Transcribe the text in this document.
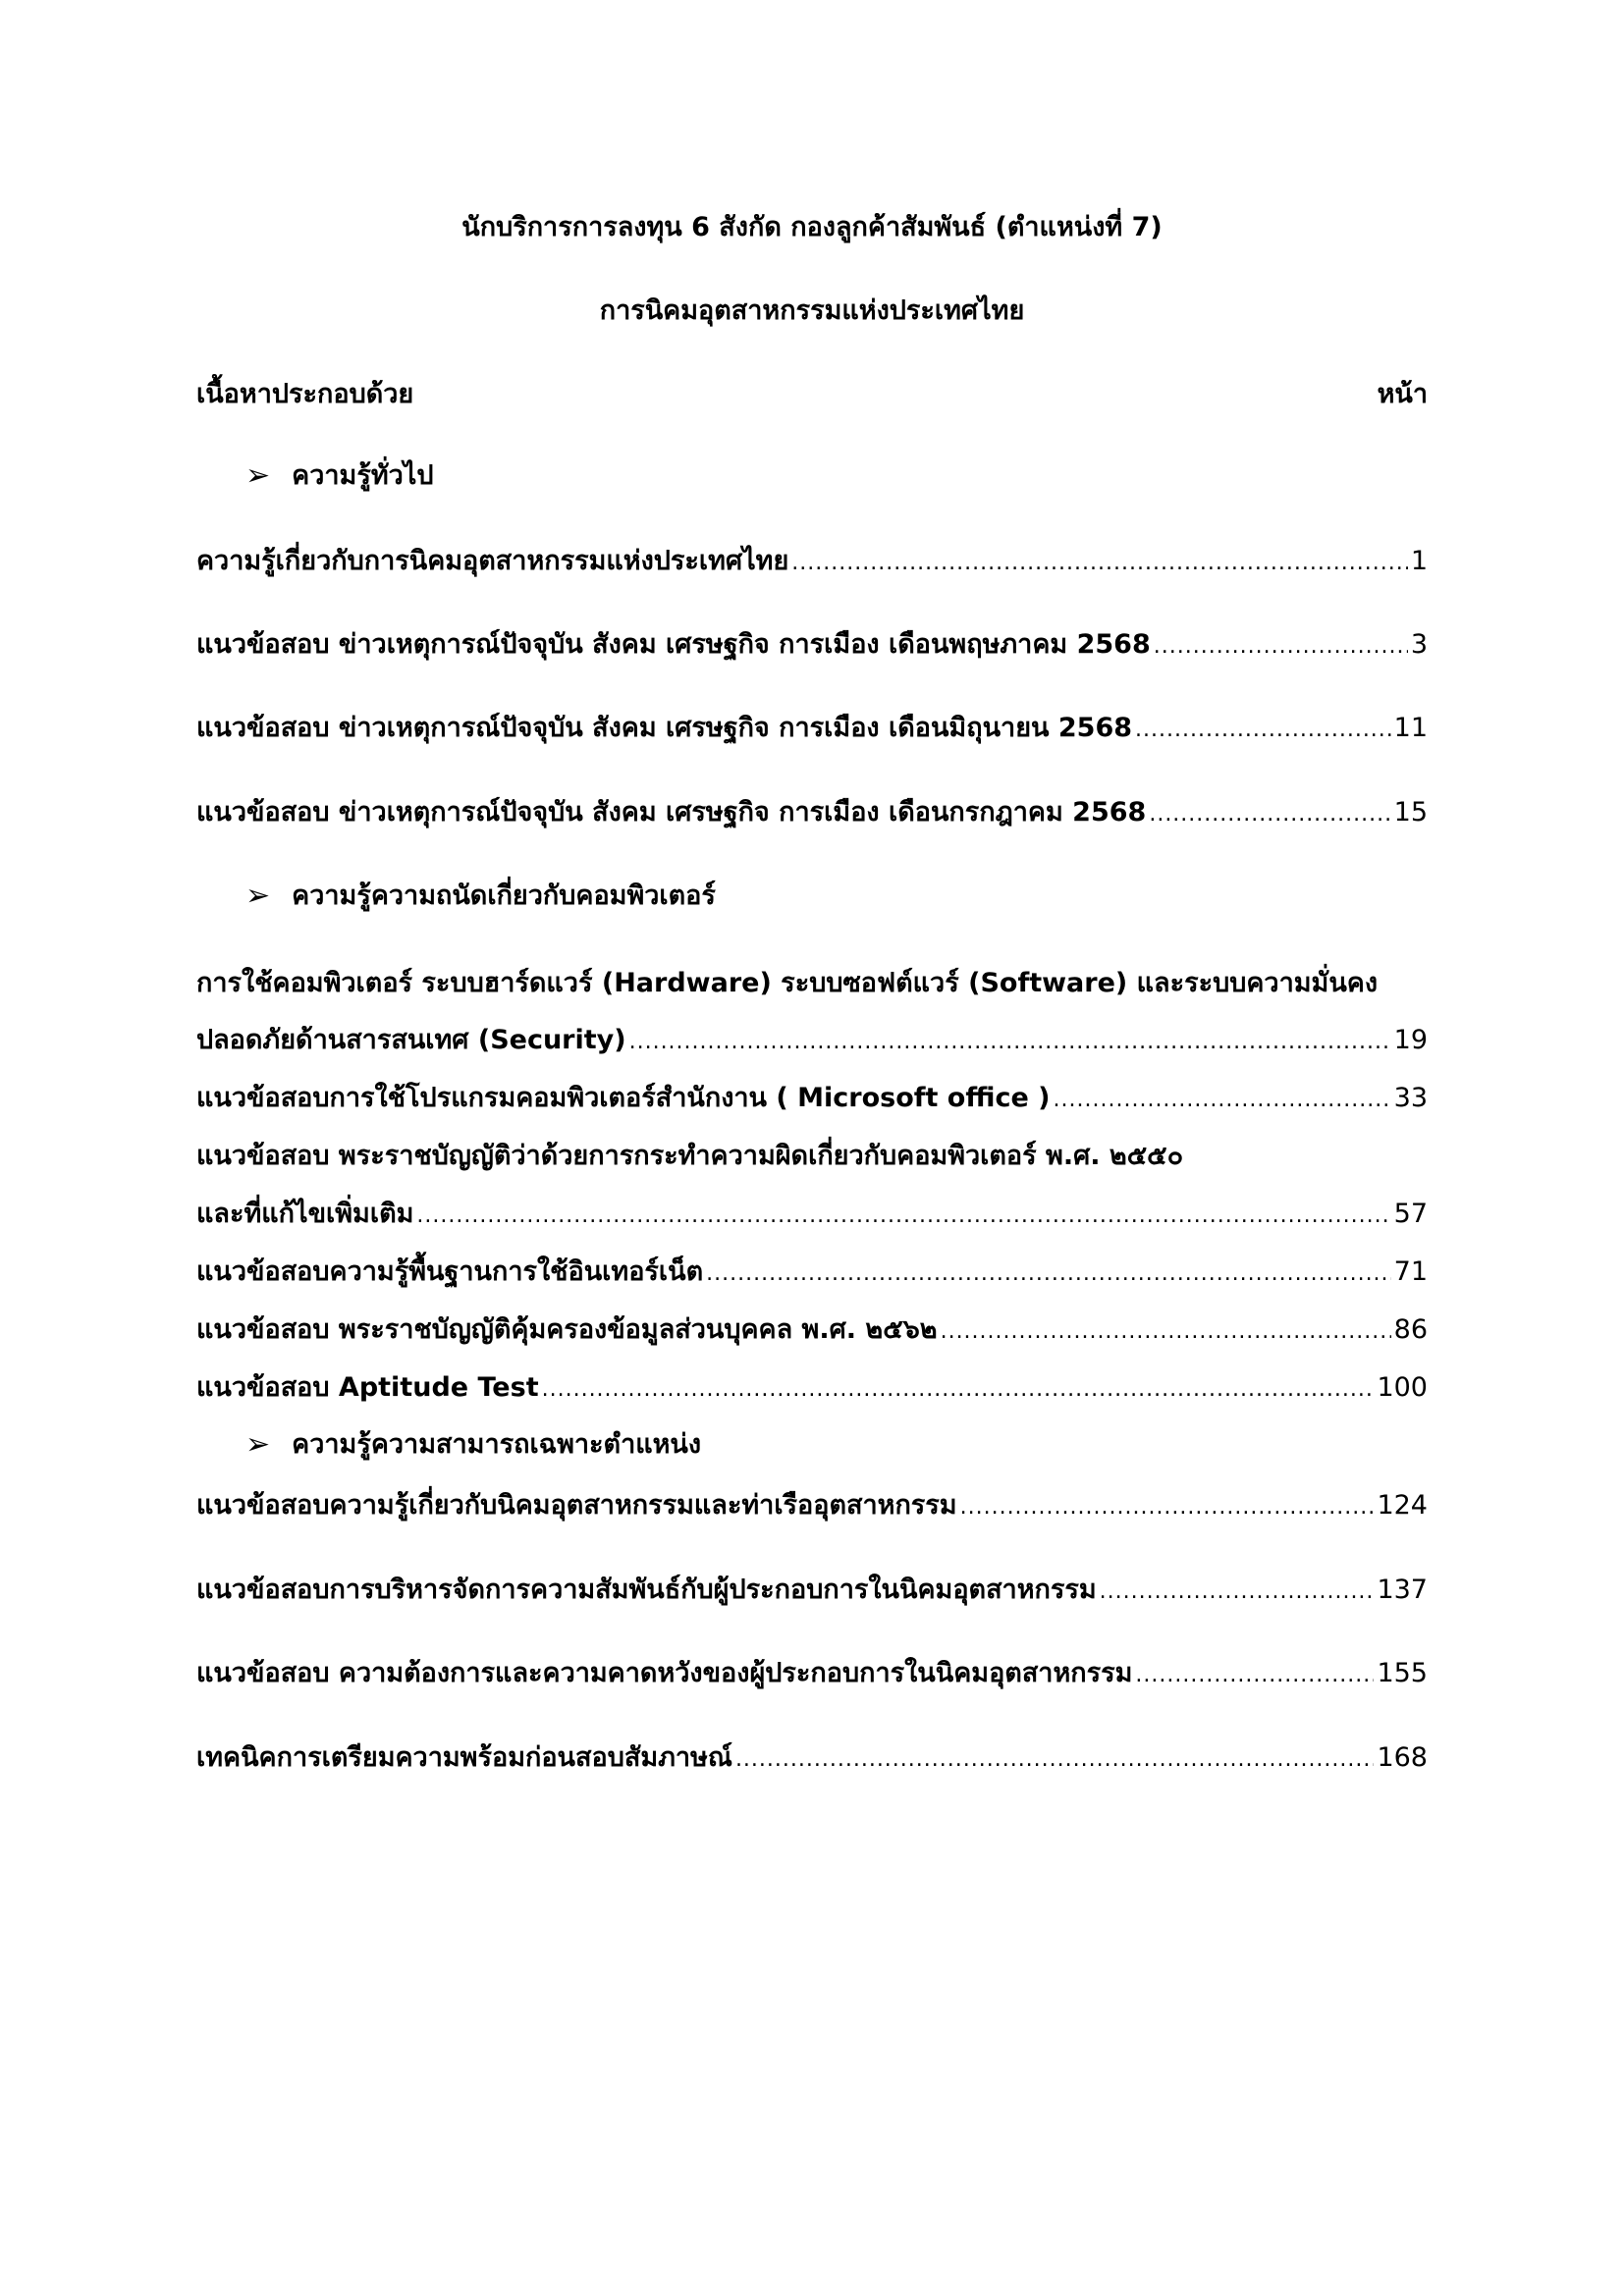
นักบริการการลงทุน 6 สังกัด กองลูกค้าสัมพันธ์ (ตำแหน่งที่ 7)
การนิคมอุตสาหกรรมแห่งประเทศไทย
เนื้อหาประกอบด้วย	หน้า
➢ ความรู้ทั่วไป
ความรู้เกี่ยวกับการนิคมอุตสาหกรรมแห่งประเทศไทย .....	1
แนวข้อสอบ ข่าวเหตุการณ์ปัจจุบัน สังคม เศรษฐกิจ การเมือง เดือนพฤษภาคม 2568 .....	3
แนวข้อสอบ ข่าวเหตุการณ์ปัจจุบัน สังคม เศรษฐกิจ การเมือง เดือนมิถุนายน 2568 .....	11
แนวข้อสอบ ข่าวเหตุการณ์ปัจจุบัน สังคม เศรษฐกิจ การเมือง เดือนกรกฎาคม 2568 .....	15
➢ ความรู้ความถนัดเกี่ยวกับคอมพิวเตอร์
การใช้คอมพิวเตอร์ ระบบฮาร์ดแวร์ (Hardware) ระบบซอฟต์แวร์ (Software) และระบบความมั่นคง
ปลอดภัยด้านสารสนเทศ (Security) .....	19
แนวข้อสอบการใช้โปรแกรมคอมพิวเตอร์สำนักงาน ( Microsoft office ) .....	33
แนวข้อสอบ พระราชบัญญัติว่าด้วยการกระทำความผิดเกี่ยวกับคอมพิวเตอร์ พ.ศ. ๒๕๕๐
และที่แก้ไขเพิ่มเติม .....	57
แนวข้อสอบความรู้พื้นฐานการใช้อินเทอร์เน็ต .....	71
แนวข้อสอบ พระราชบัญญัติคุ้มครองข้อมูลส่วนบุคคล พ.ศ. ๒๕๖๒ .....	86
แนวข้อสอบ Aptitude Test .....	100
➢ ความรู้ความสามารถเฉพาะตำแหน่ง
แนวข้อสอบความรู้เกี่ยวกับนิคมอุตสาหกรรมและท่าเรืออุตสาหกรรม .....	124
แนวข้อสอบการบริหารจัดการความสัมพันธ์กับผู้ประกอบการในนิคมอุตสาหกรรม .....	137
แนวข้อสอบ ความต้องการและความคาดหวังของผู้ประกอบการในนิคมอุตสาหกรรม .....	155
เทคนิคการเตรียมความพร้อมก่อนสอบสัมภาษณ์ .....	168
